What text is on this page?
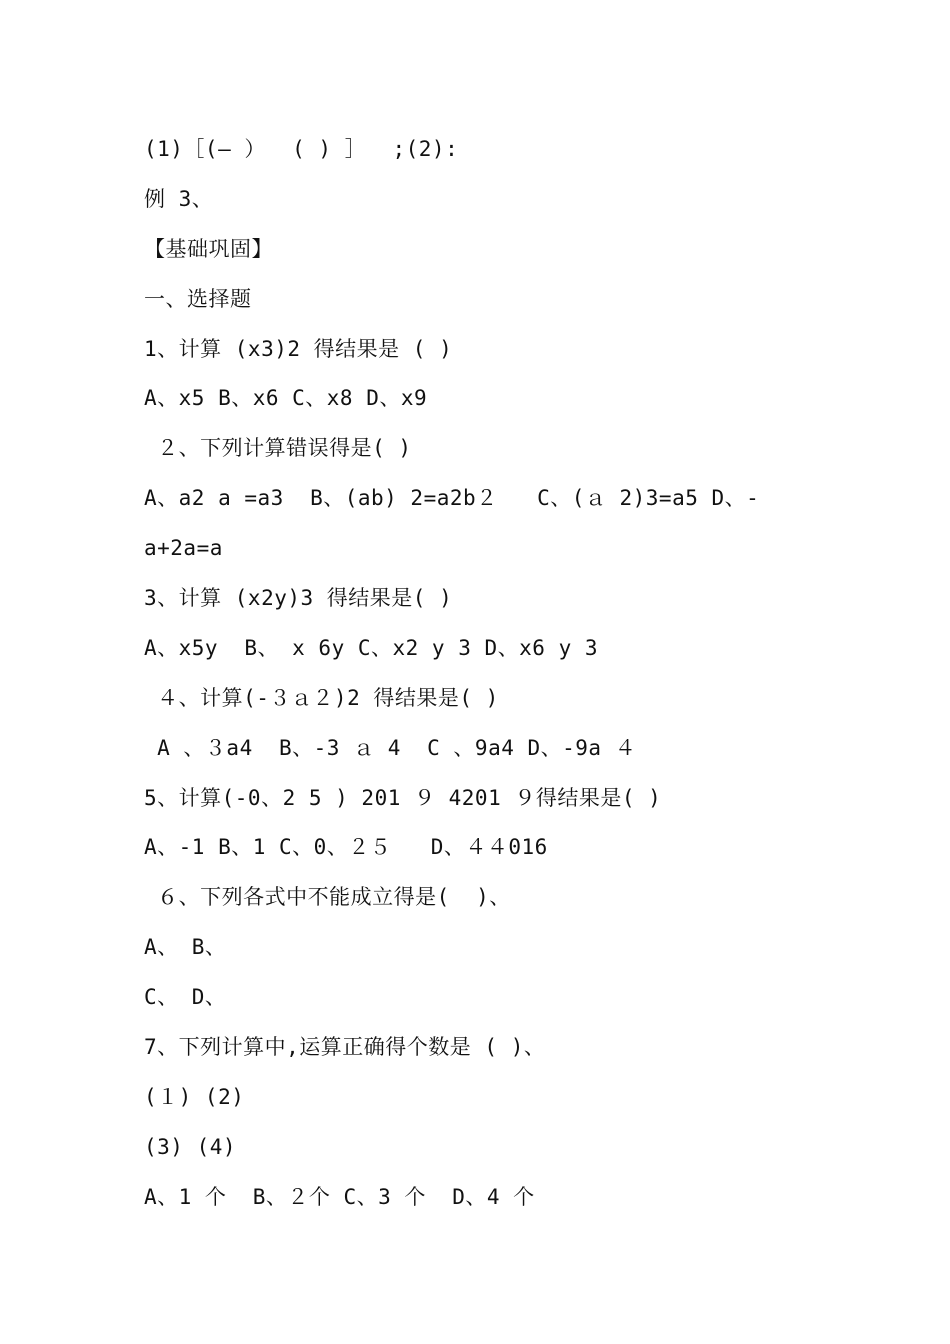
(1)［(— ）  ( ) ］  ;(2):
例 3、
【基础巩固】
一、选择题
1、计算 (x3)2 得结果是 ( )
A、x5 B、x6 C、x8 D、x9
２、下列计算错误得是( )
A、a2 a =a3  B、(ab) 2=a2b２   C、(ａ 2)3=a5 D、-
a+2a=a
3、计算 (x2y)3 得结果是( )
A、x5y  B、 x 6y C、x2 y 3 D、x6 y 3
４、计算(-３ａ２)2 得结果是( )
A 、３a4  B、-3 ａ 4  C 、9a4 D、-9a ４
5、计算(-0、2 5 ) 201 ９ 4201 ９得结果是( )
A、-1 B、1 C、0、２５   D、４４016
６、下列各式中不能成立得是(  )、
A、 B、
C、 D、
7、下列计算中,运算正确得个数是 ( )、
(１) (2)
(3) (4)
A、1 个  B、２个 C、3 个  D、4 个
